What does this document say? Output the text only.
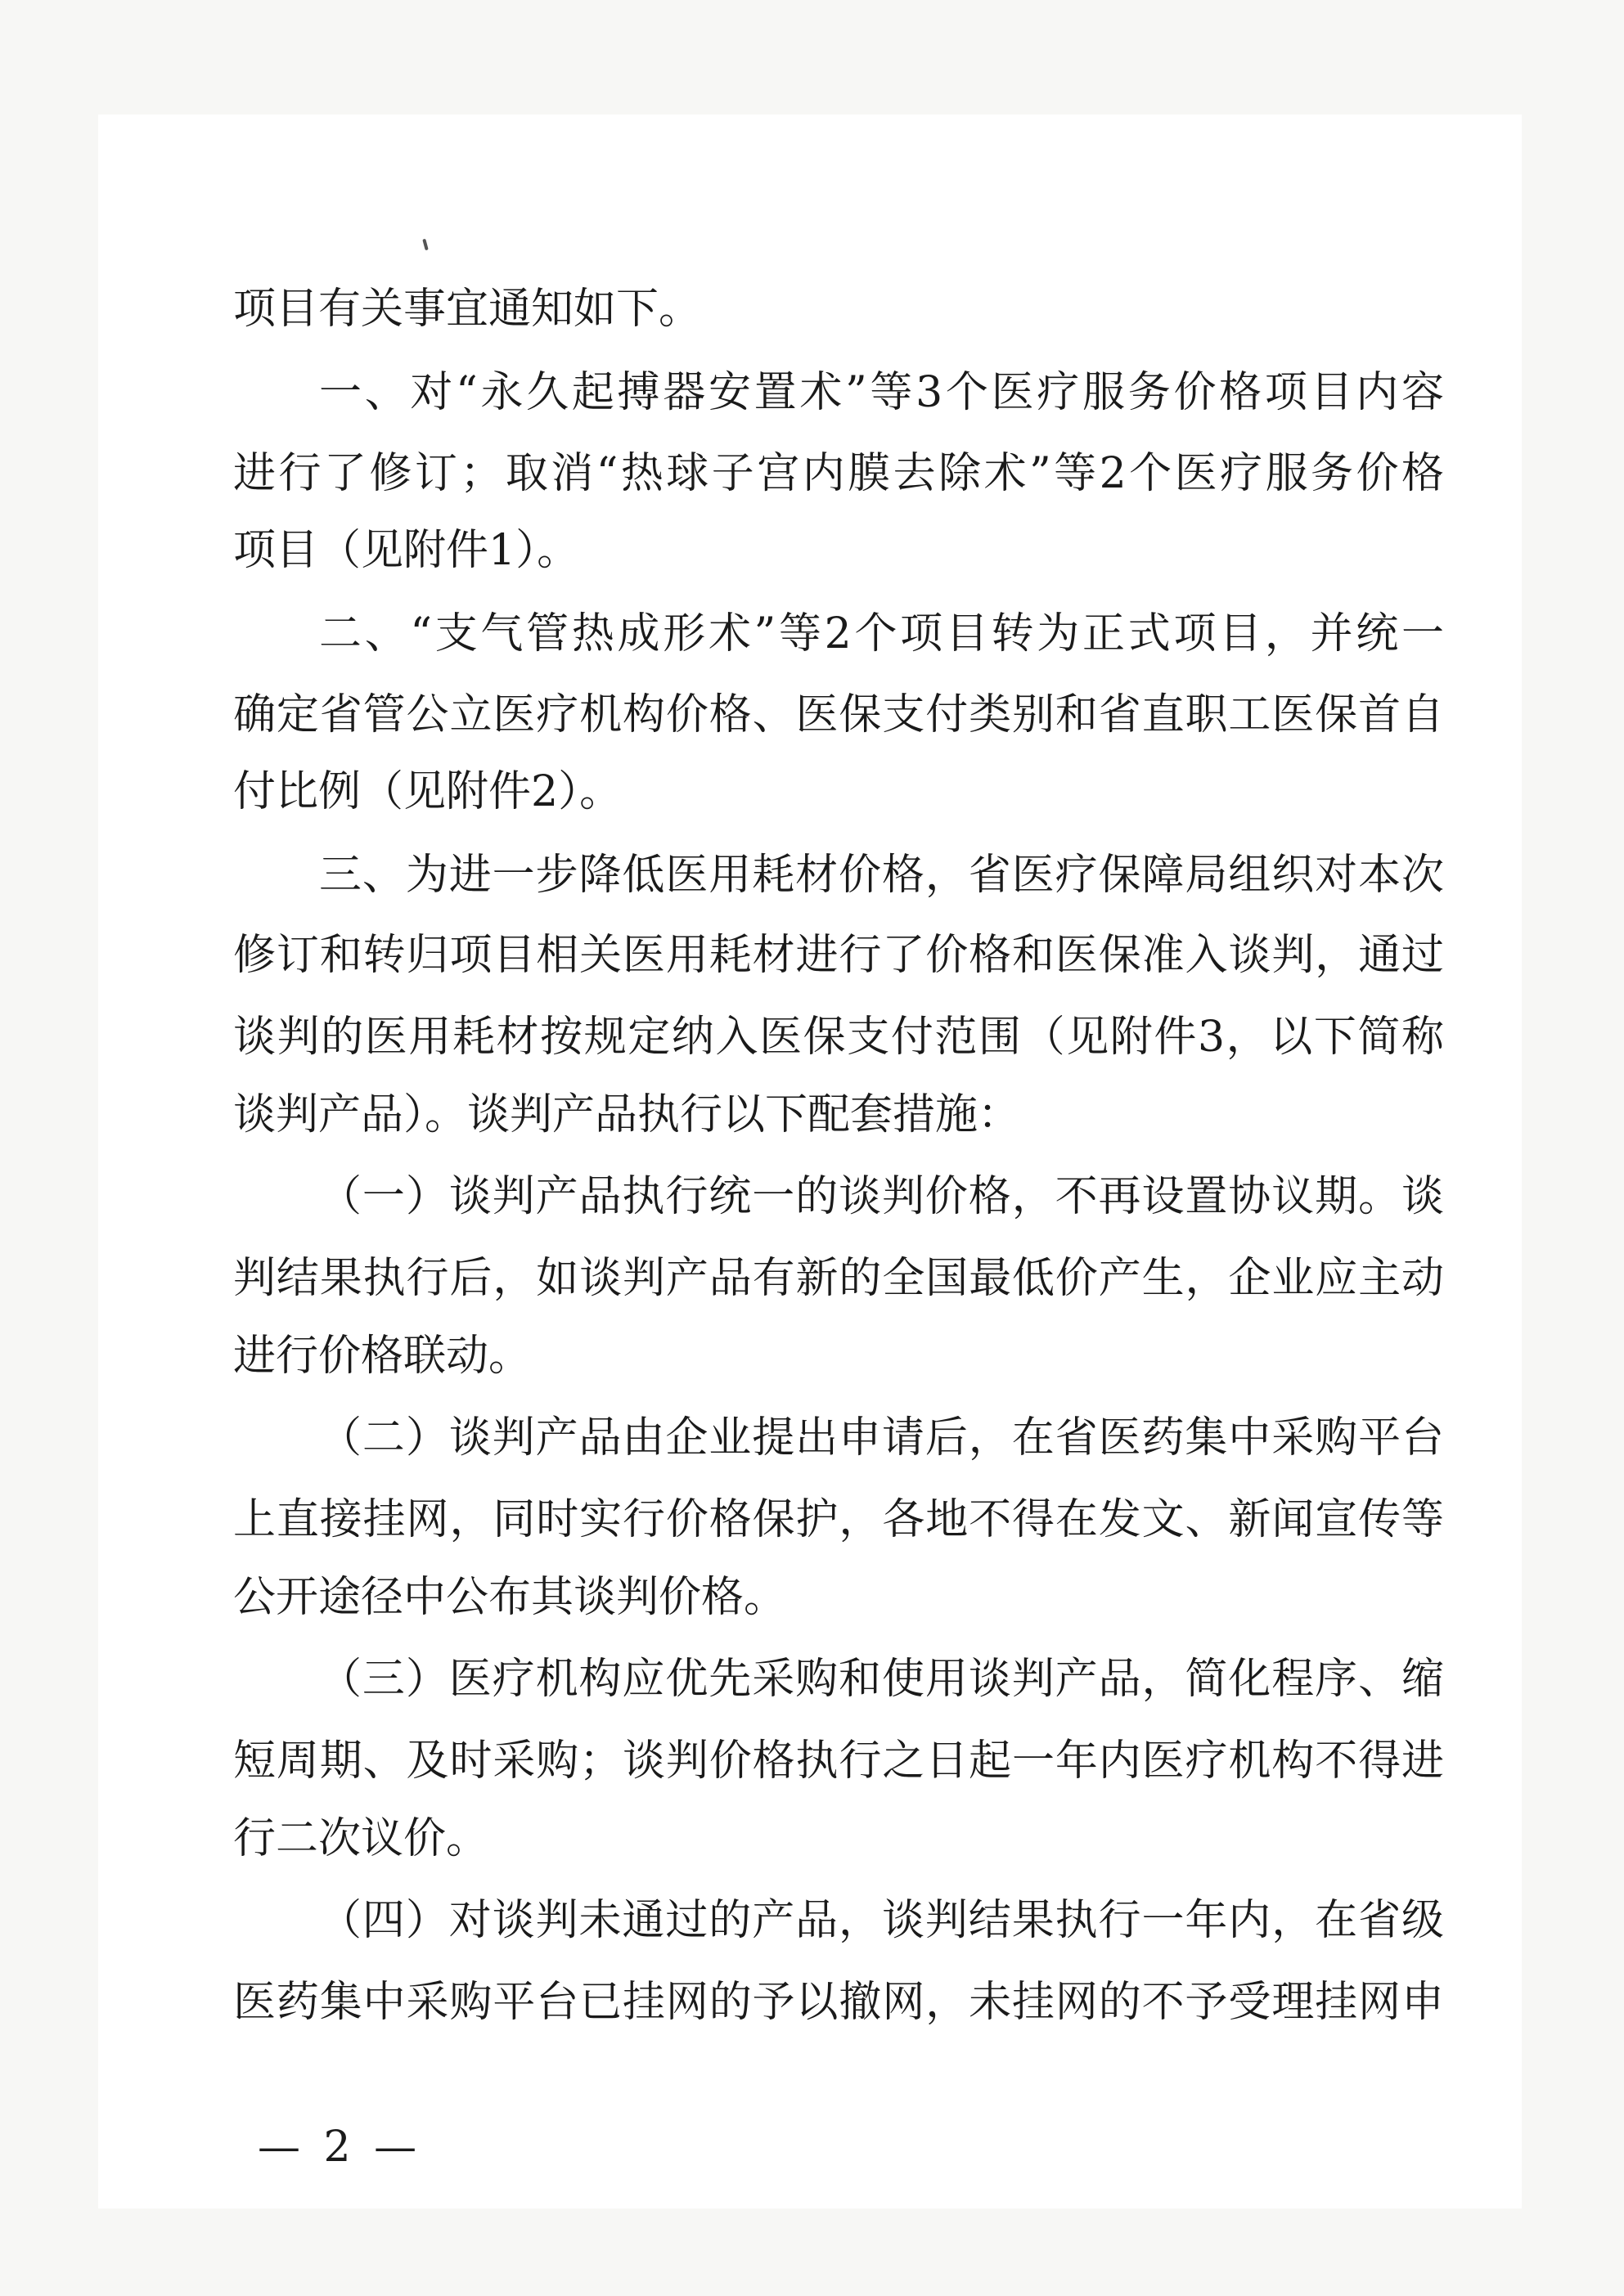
项目有关事宜通知如下。
一、对“永久起搏器安置术”等3个医疗服务价格项目内容
进行了修订；取消“热球子宫内膜去除术”等2个医疗服务价格
项目（见附件1）。
二、“支气管热成形术”等2个项目转为正式项目，并统一
确定省管公立医疗机构价格、医保支付类别和省直职工医保首自
付比例（见附件2）。
三、为进一步降低医用耗材价格，省医疗保障局组织对本次
修订和转归项目相关医用耗材进行了价格和医保准入谈判，通过
谈判的医用耗材按规定纳入医保支付范围（见附件3，以下简称
谈判产品）。谈判产品执行以下配套措施：
（一）谈判产品执行统一的谈判价格，不再设置协议期。谈
判结果执行后，如谈判产品有新的全国最低价产生，企业应主动
进行价格联动。
（二）谈判产品由企业提出申请后，在省医药集中采购平台
上直接挂网，同时实行价格保护，各地不得在发文、新闻宣传等
公开途径中公布其谈判价格。
（三）医疗机构应优先采购和使用谈判产品，简化程序、缩
短周期、及时采购；谈判价格执行之日起一年内医疗机构不得进
行二次议价。
（四）对谈判未通过的产品，谈判结果执行一年内，在省级
医药集中采购平台已挂网的予以撤网，未挂网的不予受理挂网申
— 2 —
